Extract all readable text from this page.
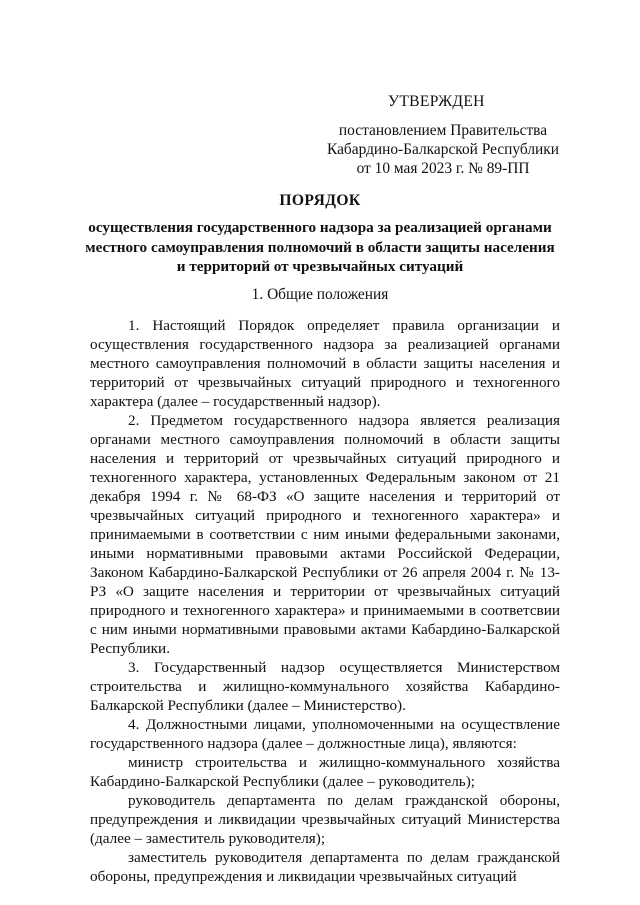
УТВЕРЖДЕН
постановлением Правительства
Кабардино-Балкарской Республики
от 10 мая 2023 г. № 89-ПП
ПОРЯДОК
осуществления государственного надзора за реализацией органами местного самоуправления полномочий в области защиты населения и территорий от чрезвычайных ситуаций
1. Общие положения

1. Настоящий Порядок определяет правила организации и осуществления государственного надзора за реализацией органами местного самоуправления полномочий в области защиты населения и территорий от чрезвычайных ситуаций природного и техногенного характера (далее – государственный надзор).

2. Предметом государственного надзора является реализация органами местного самоуправления полномочий в области защиты населения и территорий от чрезвычайных ситуаций природного и техногенного характера, установленных Федеральным законом от 21 декабря 1994 г. № 68-ФЗ «О защите населения и территорий от чрезвычайных ситуаций природного и техногенного характера» и принимаемыми в соответствии с ним иными федеральными законами, иными нормативными правовыми актами Российской Федерации, Законом Кабардино-Балкарской Республики от 26 апреля 2004 г. № 13-РЗ «О защите населения и территории от чрезвычайных ситуаций природного и техногенного характера» и принимаемыми в соответсвии с ним иными нормативными правовыми актами Кабардино-Балкарской Республики.

3. Государственный надзор осуществляется Министерством строительства и жилищно-коммунального хозяйства Кабардино-Балкарской Республики (далее – Министерство).

4. Должностными лицами, уполномоченными на осуществление государственного надзора (далее – должностные лица), являются:

министр строительства и жилищно-коммунального хозяйства Кабардино-Балкарской Республики (далее – руководитель);

руководитель департамента по делам гражданской обороны, предупреждения и ликвидации чрезвычайных ситуаций Министерства (далее – заместитель руководителя);

заместитель руководителя департамента по делам гражданской обороны, предупреждения и ликвидации чрезвычайных ситуаций
